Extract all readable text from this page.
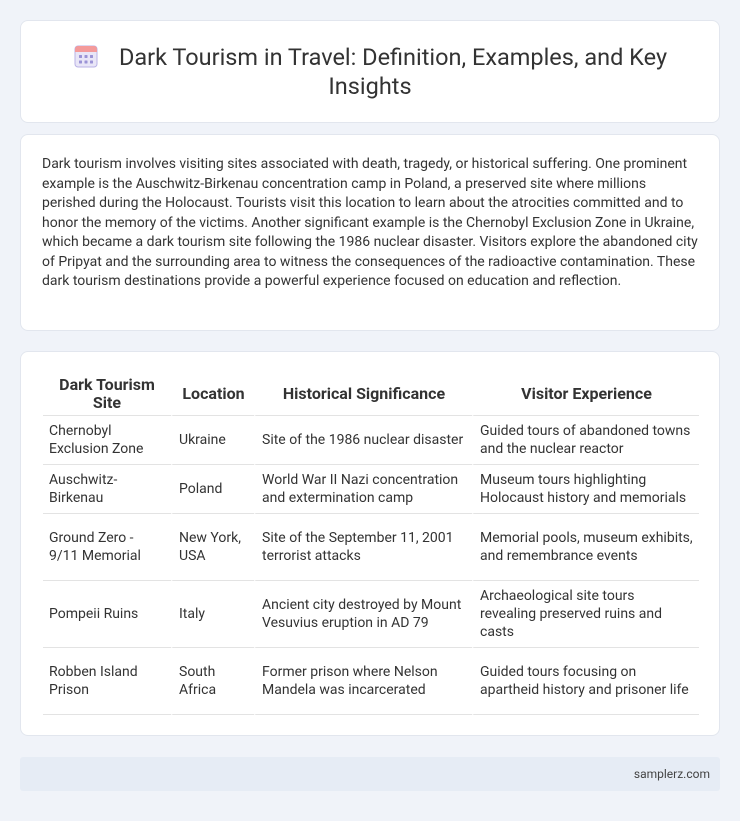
Dark Tourism in Travel: Definition, Examples, and Key Insights

Dark tourism involves visiting sites associated with death, tragedy, or historical suffering. One prominent example is the Auschwitz-Birkenau concentration camp in Poland, a preserved site where millions perished during the Holocaust. Tourists visit this location to learn about the atrocities committed and to honor the memory of the victims. Another significant example is the Chernobyl Exclusion Zone in Ukraine, which became a dark tourism site following the 1986 nuclear disaster. Visitors explore the abandoned city of Pripyat and the surrounding area to witness the consequences of the radioactive contamination. These dark tourism destinations provide a powerful experience focused on education and reflection.

Dark Tourism Site	Location	Historical Significance	Visitor Experience
Chernobyl Exclusion Zone	Ukraine	Site of the 1986 nuclear disaster	Guided tours of abandoned towns and the nuclear reactor
Auschwitz-Birkenau	Poland	World War II Nazi concentration and extermination camp	Museum tours highlighting Holocaust history and memorials
Ground Zero - 9/11 Memorial	New York, USA	Site of the September 11, 2001 terrorist attacks	Memorial pools, museum exhibits, and remembrance events
Pompeii Ruins	Italy	Ancient city destroyed by Mount Vesuvius eruption in AD 79	Archaeological site tours revealing preserved ruins and casts
Robben Island Prison	South Africa	Former prison where Nelson Mandela was incarcerated	Guided tours focusing on apartheid history and prisoner life
samplerz.com
